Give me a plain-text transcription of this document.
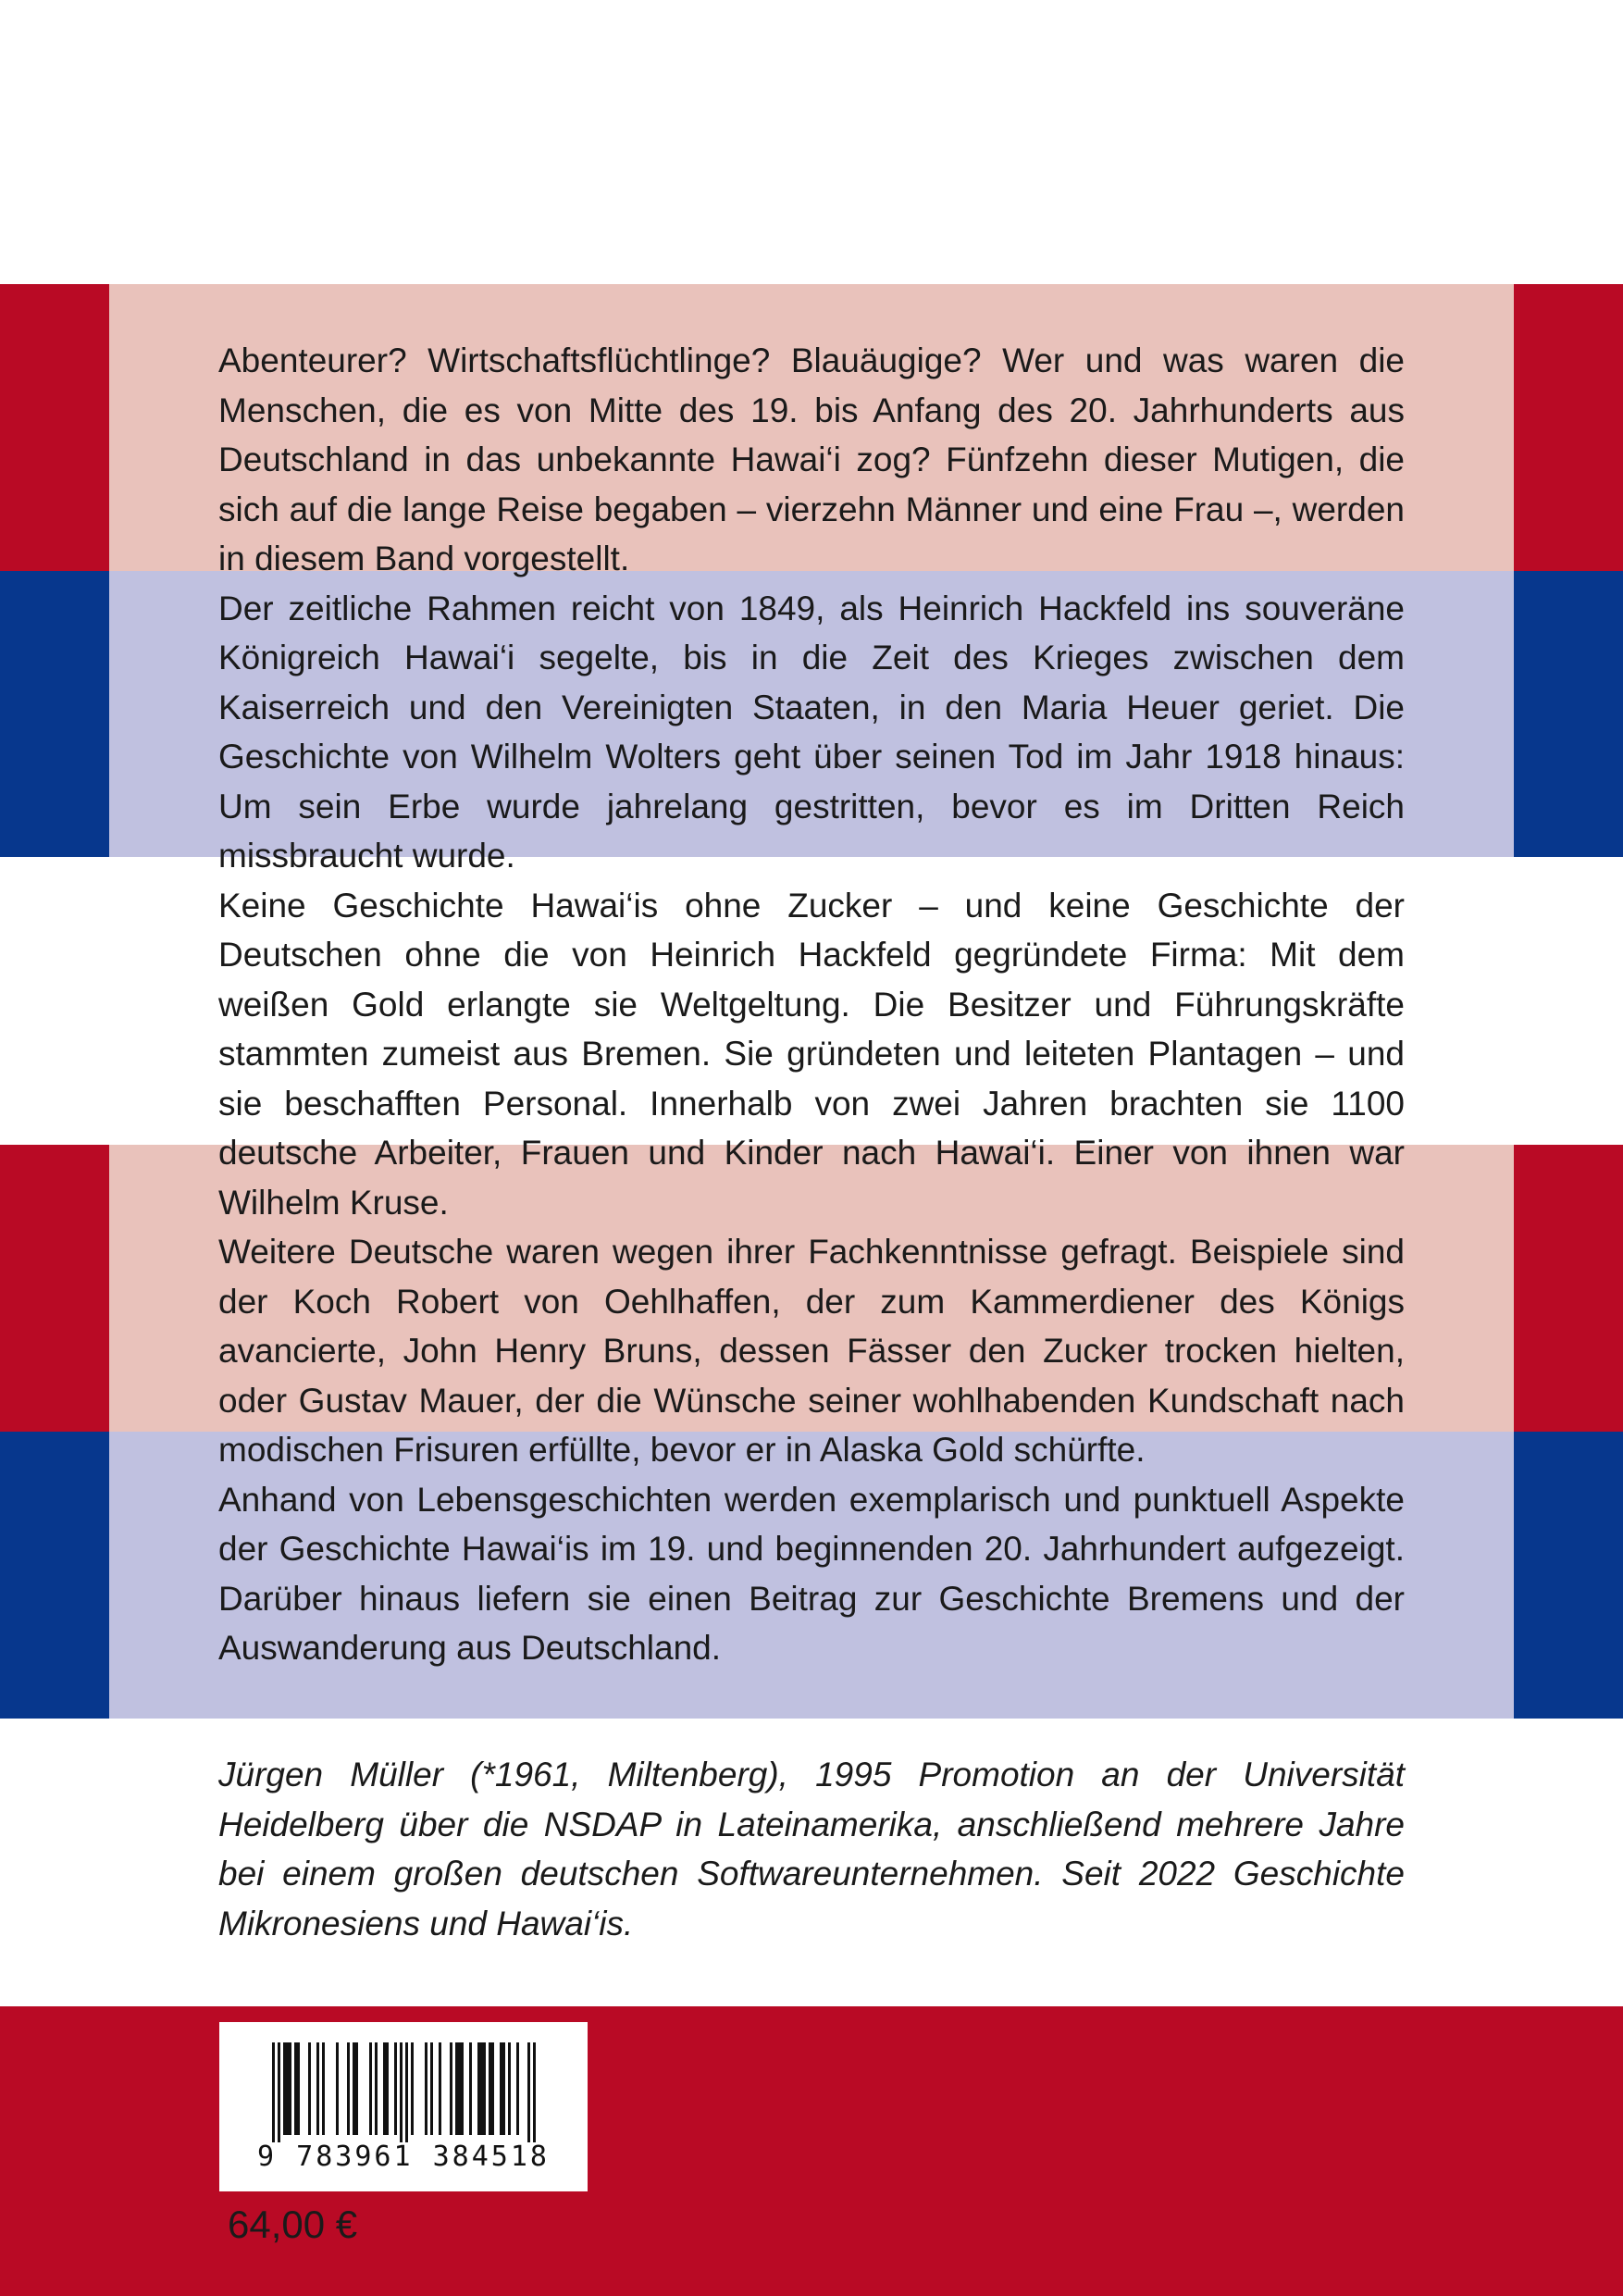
Abenteurer? Wirtschaftsflüchtlinge? Blauäugige? Wer und was waren die Menschen, die es von Mitte des 19. bis Anfang des 20. Jahrhunderts aus Deutschland in das unbekannte Hawai‘i zog? Fünfzehn dieser Mutigen, die sich auf die lange Reise begaben – vierzehn Männer und eine Frau –, werden in diesem Band vorgestellt.

Der zeitliche Rahmen reicht von 1849, als Heinrich Hackfeld ins souveräne Königreich Hawai‘i segelte, bis in die Zeit des Krieges zwischen dem Kaiserreich und den Vereinigten Staaten, in den Maria Heuer geriet. Die Geschichte von Wilhelm Wolters geht über seinen Tod im Jahr 1918 hinaus: Um sein Erbe wurde jahrelang gestritten, bevor es im Dritten Reich missbraucht wurde.

Keine Geschichte Hawai‘is ohne Zucker – und keine Geschichte der Deutschen ohne die von Heinrich Hackfeld gegründete Firma: Mit dem weißen Gold erlangte sie Weltgeltung. Die Besitzer und Führungskräfte stammten zumeist aus Bremen. Sie gründeten und leiteten Plantagen – und sie beschafften Personal. Innerhalb von zwei Jahren brachten sie 1100 deutsche Arbeiter, Frauen und Kinder nach Hawai‘i. Einer von ihnen war Wilhelm Kruse.

Weitere Deutsche waren wegen ihrer Fachkenntnisse gefragt. Beispiele sind der Koch Robert von Oehlhaffen, der zum Kammerdiener des Königs avancierte, John Henry Bruns, dessen Fässer den Zucker trocken hielten, oder Gustav Mauer, der die Wünsche seiner wohlhabenden Kundschaft nach modischen Frisuren erfüllte, bevor er in Alaska Gold schürfte.

Anhand von Lebensgeschichten werden exemplarisch und punktuell Aspekte der Geschichte Hawai‘is im 19. und beginnenden 20. Jahrhundert aufgezeigt. Darüber hinaus liefern sie einen Beitrag zur Geschichte Bremens und der Auswanderung aus Deutschland.

Jürgen Müller (*1961, Miltenberg), 1995 Promotion an der Universität Heidelberg über die NSDAP in Lateinamerika, anschließend mehrere Jahre bei einem großen deutschen Softwareunternehmen. Seit 2022 Geschichte Mikronesiens und Hawai‘is.

9 783961 384518
64,00 €
